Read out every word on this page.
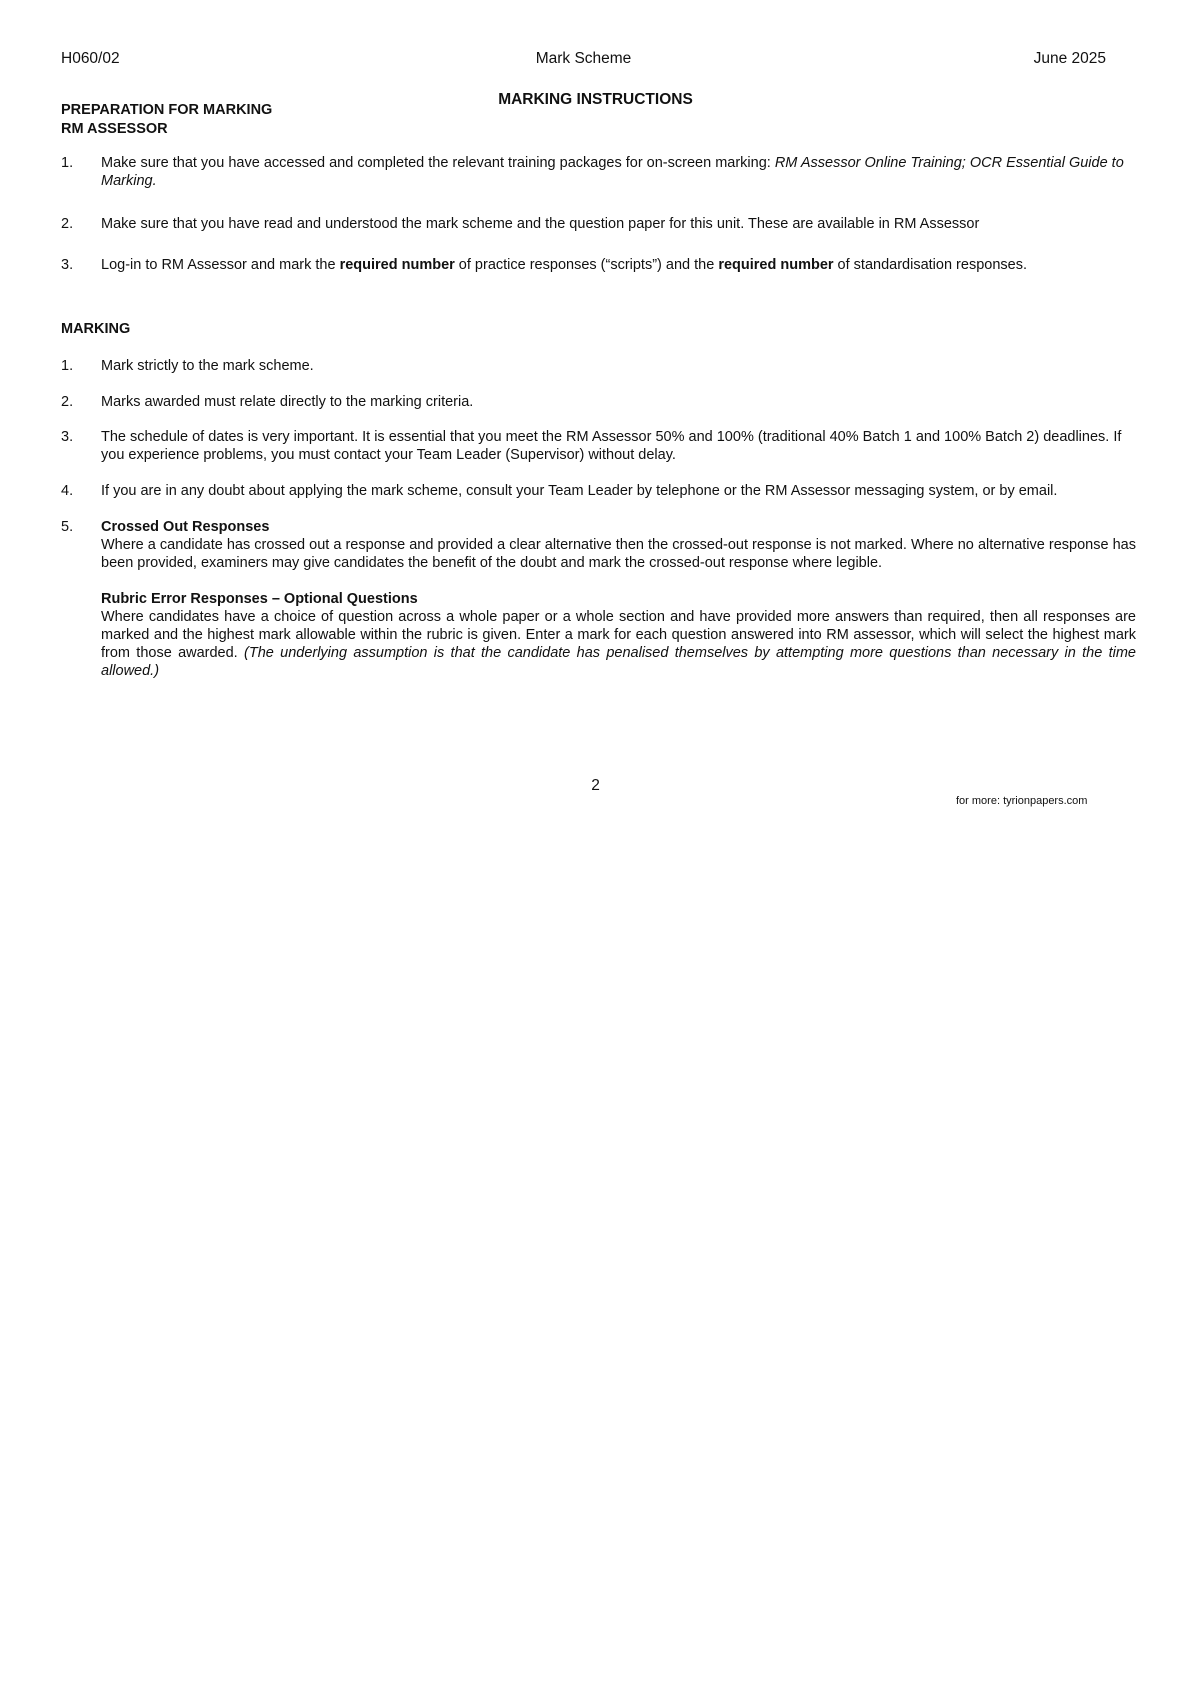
H060/02	Mark Scheme	June 2025
MARKING INSTRUCTIONS
PREPARATION FOR MARKING
RM ASSESSOR
1.	Make sure that you have accessed and completed the relevant training packages for on-screen marking: RM Assessor Online Training; OCR Essential Guide to Marking.
2.	Make sure that you have read and understood the mark scheme and the question paper for this unit. These are available in RM Assessor
3.	Log-in to RM Assessor and mark the required number of practice responses (“scripts”) and the required number of standardisation responses.
MARKING
1.	Mark strictly to the mark scheme.
2.	Marks awarded must relate directly to the marking criteria.
3.	The schedule of dates is very important. It is essential that you meet the RM Assessor 50% and 100% (traditional 40% Batch 1 and 100% Batch 2) deadlines. If you experience problems, you must contact your Team Leader (Supervisor) without delay.
4.	If you are in any doubt about applying the mark scheme, consult your Team Leader by telephone or the RM Assessor messaging system, or by email.
5.	Crossed Out Responses
Where a candidate has crossed out a response and provided a clear alternative then the crossed-out response is not marked. Where no alternative response has been provided, examiners may give candidates the benefit of the doubt and mark the crossed-out response where legible.
Rubric Error Responses – Optional Questions
Where candidates have a choice of question across a whole paper or a whole section and have provided more answers than required, then all responses are marked and the highest mark allowable within the rubric is given. Enter a mark for each question answered into RM assessor, which will select the highest mark from those awarded. (The underlying assumption is that the candidate has penalised themselves by attempting more questions than necessary in the time allowed.)
2
for more: tyrionpapers.com
